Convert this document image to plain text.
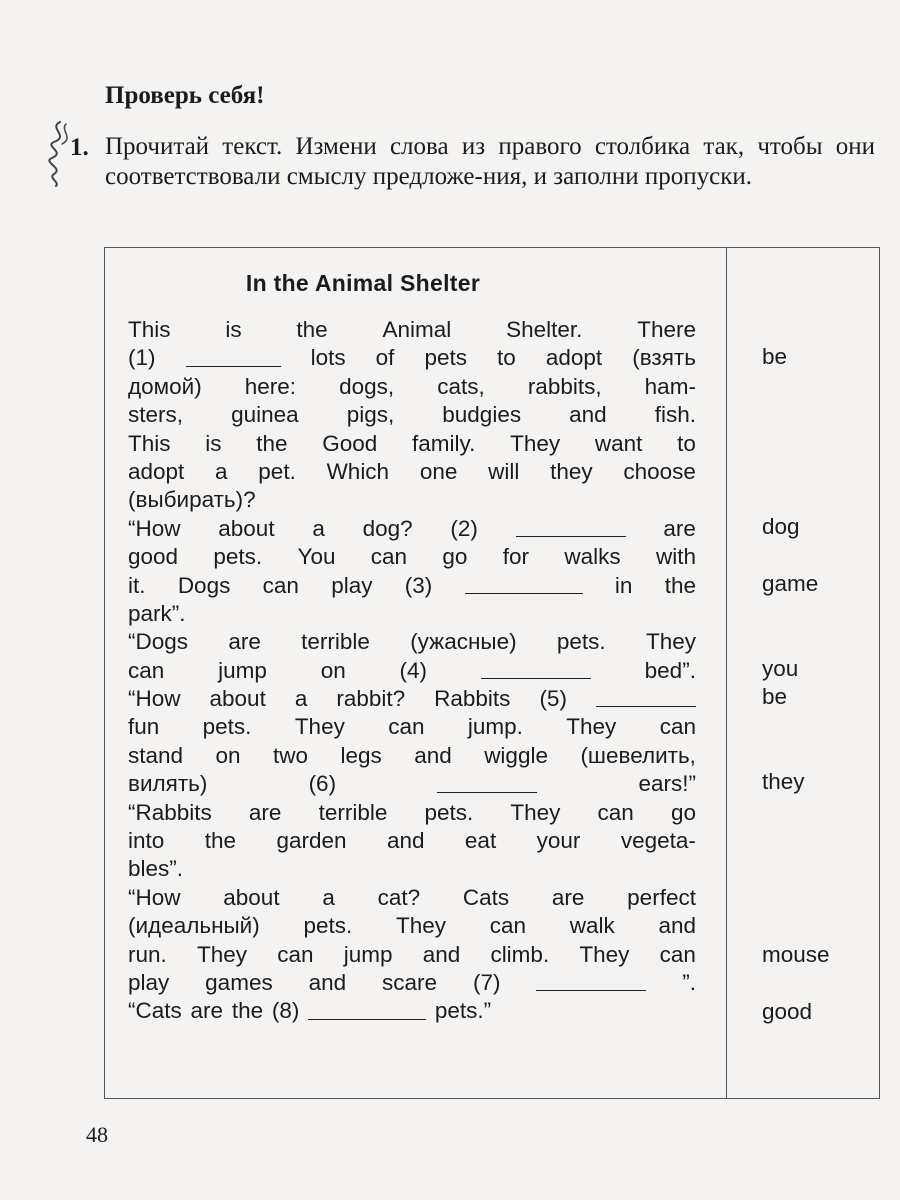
Проверь себя!
1. Прочитай текст. Измени слова из правого столбика так, чтобы они соответствовали смыслу предложе-ния, и заполни пропуски.
In the Animal Shelter
This is the Animal Shelter. There
(1)	lots of pets to adopt (взять
домой) here: dogs, cats, rabbits, ham-
sters, guinea pigs, budgies and fish.
This is the Good family. They want to
adopt a pet. Which one will they choose
(выбирать)?
“How about a dog? (2)	are
good pets. You can go for walks with
it. Dogs can play (3)	in the
park”.
“Dogs are terrible (ужасные) pets. They
can jump on (4)	bed”.
“How about a rabbit? Rabbits (5)
fun pets. They can jump. They can
stand on two legs and wiggle (шевелить,
вилять)	(6)	ears!”
“Rabbits are terrible pets. They can go
into the garden and eat your vegeta-
bles”.
“How about a cat? Cats are perfect
(идеальный) pets. They can walk and
run. They can jump and climb. They can
play games and scare (7)	”.
“Cats are the (8)	pets.”
be
dog
game
you
be
they
mouse
good
48
